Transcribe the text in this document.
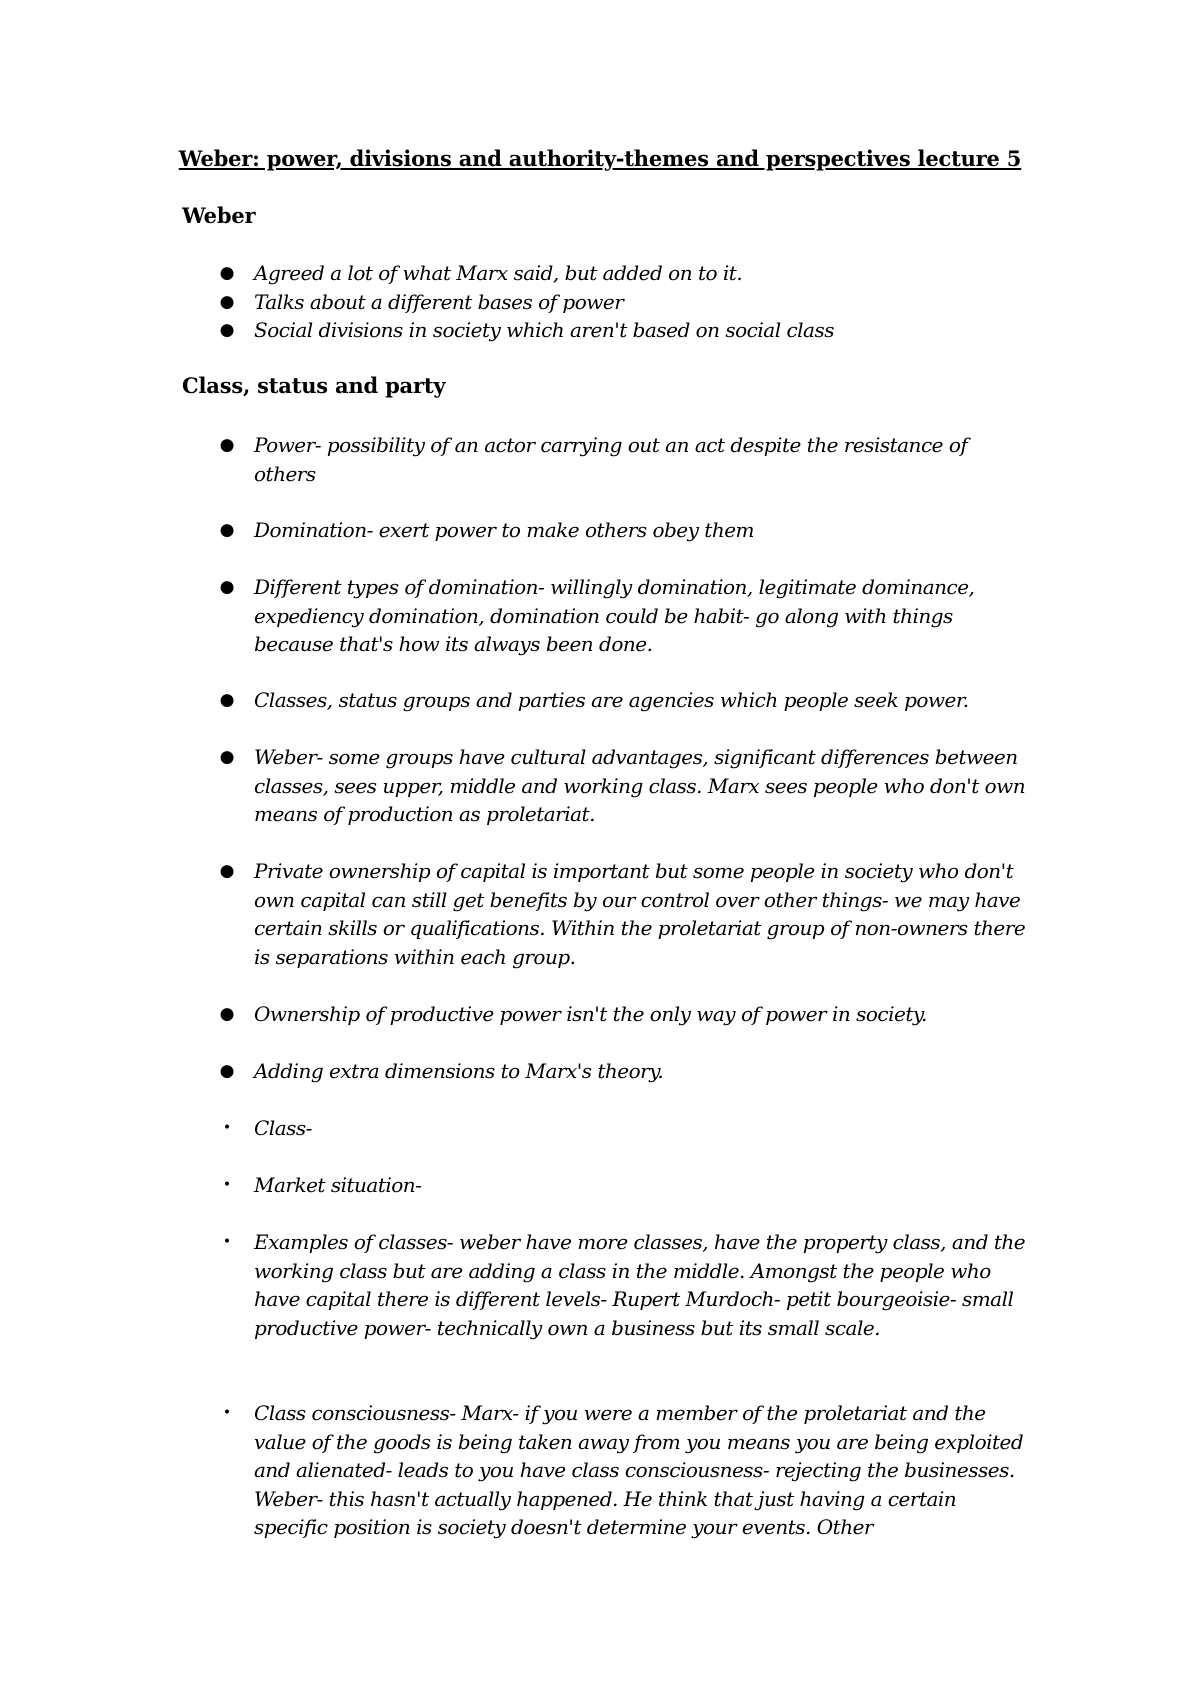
Weber: power, divisions and authority-themes and perspectives lecture 5
Weber
● Agreed a lot of what Marx said, but added on to it.
● Talks about a different bases of power
● Social divisions in society which aren't based on social class
Class, status and party
● Power- possibility of an actor carrying out an act despite the resistance of others
● Domination- exert power to make others obey them
● Different types of domination- willingly domination, legitimate dominance, expediency domination, domination could be habit- go along with things because that's how its always been done.
● Classes, status groups and parties are agencies which people seek power.
● Weber- some groups have cultural advantages, significant differences between classes, sees upper, middle and working class. Marx sees people who don't own means of production as proletariat.
● Private ownership of capital is important but some people in society who don't own capital can still get benefits by our control over other things- we may have certain skills or qualifications. Within the proletariat group of non-owners there is separations within each group.
● Ownership of productive power isn't the only way of power in society.
● Adding extra dimensions to Marx's theory.
•	Class-
•	Market situation-
•	Examples of classes- weber have more classes, have the property class, and the working class but are adding a class in the middle. Amongst the people who have capital there is different levels- Rupert Murdoch- petit bourgeoisie- small productive power- technically own a business but its small scale.
•	Class consciousness- Marx- if you were a member of the proletariat and the value of the goods is being taken away from you means you are being exploited and alienated- leads to you have class consciousness- rejecting the businesses. Weber- this hasn't actually happened. He think that just having a certain specific position is society doesn't determine your events. Other
